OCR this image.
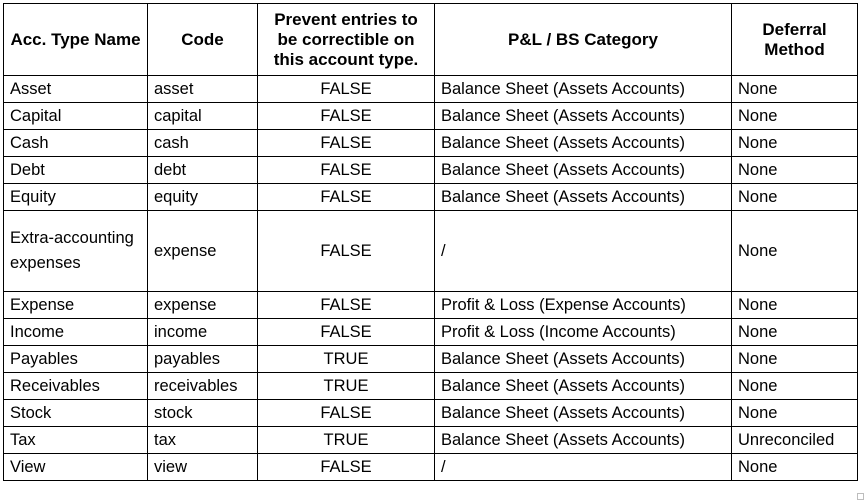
Acc. Type Name	Code	Prevent entries to be correctible on this account type.	P&L / BS Category	Deferral Method
Asset	asset	FALSE	Balance Sheet (Assets Accounts)	None
Capital	capital	FALSE	Balance Sheet (Assets Accounts)	None
Cash	cash	FALSE	Balance Sheet (Assets Accounts)	None
Debt	debt	FALSE	Balance Sheet (Assets Accounts)	None
Equity	equity	FALSE	Balance Sheet (Assets Accounts)	None
Extra-accounting expenses	expense	FALSE	/	None
Expense	expense	FALSE	Profit & Loss (Expense Accounts)	None
Income	income	FALSE	Profit & Loss (Income Accounts)	None
Payables	payables	TRUE	Balance Sheet (Assets Accounts)	None
Receivables	receivables	TRUE	Balance Sheet (Assets Accounts)	None
Stock	stock	FALSE	Balance Sheet (Assets Accounts)	None
Tax	tax	TRUE	Balance Sheet (Assets Accounts)	Unreconciled
View	view	FALSE	/	None
